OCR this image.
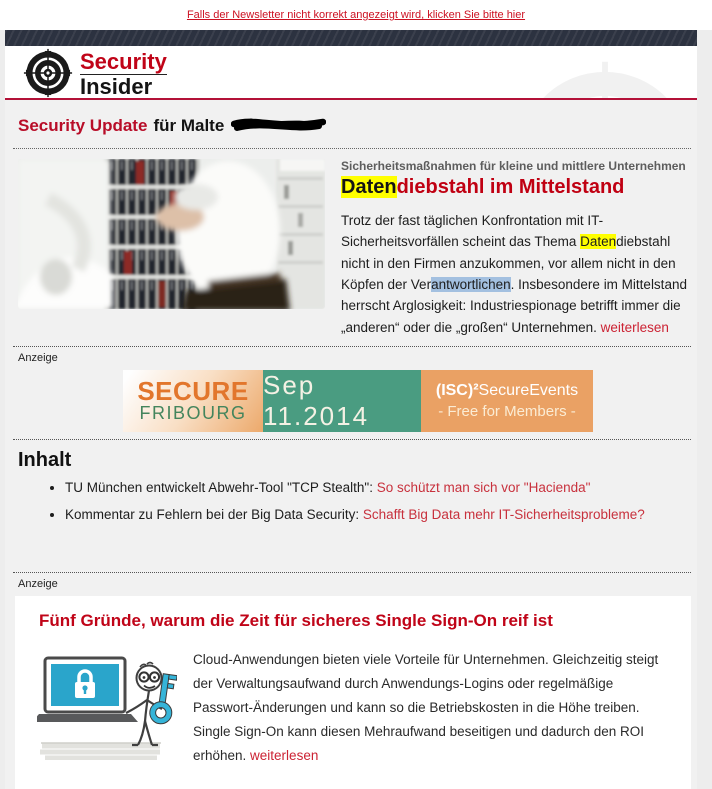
Falls der Newsletter nicht korrekt angezeigt wird, klicken Sie bitte hier
Security
Insider
Security Update für Malte

Sicherheitsmaßnahmen für kleine und mittlere Unternehmen

Datendiebstahl im Mittelstand

Trotz der fast täglichen Konfrontation mit IT-Sicherheitsvorfällen scheint das Thema Datendiebstahl nicht in den Firmen anzukommen, vor allem nicht in den Köpfen der Verantwortlichen. Insbesondere im Mittelstand herrscht Arglosigkeit: Industriespionage betrifft immer die „anderen“ oder die „großen“ Unternehmen. weiterlesen

Anzeige
SECURE
FRIBOURG
Sep 11.2014
(ISC)²SecureEvents
- Free for Members -
Inhalt
• TU München entwickelt Abwehr-Tool "TCP Stealth": So schützt man sich vor "Hacienda"
• Kommentar zu Fehlern bei der Big Data Security: Schafft Big Data mehr IT-Sicherheitsprobleme?
Anzeige
Fünf Gründe, warum die Zeit für sicheres Single Sign-On reif ist

Cloud-Anwendungen bieten viele Vorteile für Unternehmen. Gleichzeitig steigt der Verwaltungsaufwand durch Anwendungs-Logins oder regelmäßige Passwort-Änderungen und kann so die Betriebskosten in die Höhe treiben. Single Sign-On kann diesen Mehraufwand beseitigen und dadurch den ROI erhöhen. weiterlesen
